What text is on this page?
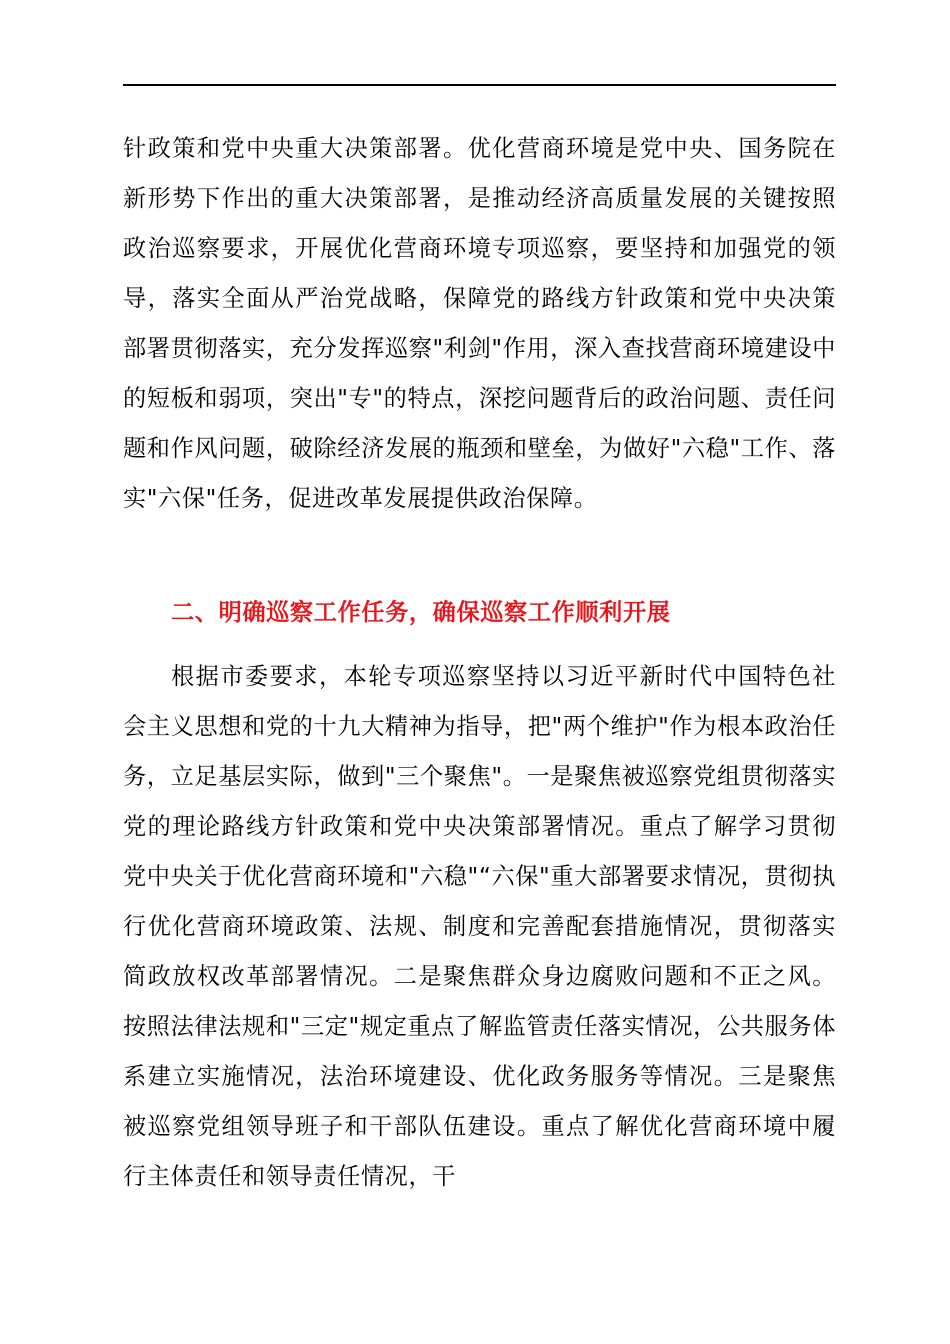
针政策和党中央重大决策部署。优化营商环境是党中央、国务院在新形势下作出的重大决策部署，是推动经济高质量发展的关键按照政治巡察要求，开展优化营商环境专项巡察，要坚持和加强党的领导，落实全面从严治党战略，保障党的路线方针政策和党中央决策部署贯彻落实，充分发挥巡察"利剑"作用，深入查找营商环境建设中的短板和弱项，突出"专"的特点，深挖问题背后的政治问题、责任问题和作风问题，破除经济发展的瓶颈和壁垒，为做好"六稳"工作、落实"六保"任务，促进改革发展提供政治保障。

二、明确巡察工作任务，确保巡察工作顺利开展

根据市委要求，本轮专项巡察坚持以习近平新时代中国特色社会主义思想和党的十九大精神为指导，把"两个维护"作为根本政治任务，立足基层实际，做到"三个聚焦"。一是聚焦被巡察党组贯彻落实党的理论路线方针政策和党中央决策部署情况。重点了解学习贯彻党中央关于优化营商环境和"六稳"“六保"重大部署要求情况，贯彻执行优化营商环境政策、法规、制度和完善配套措施情况，贯彻落实简政放权改革部署情况。二是聚焦群众身边腐败问题和不正之风。按照法律法规和"三定"规定重点了解监管责任落实情况，公共服务体系建立实施情况，法治环境建设、优化政务服务等情况。三是聚焦被巡察党组领导班子和干部队伍建设。重点了解优化营商环境中履行主体责任和领导责任情况，干
